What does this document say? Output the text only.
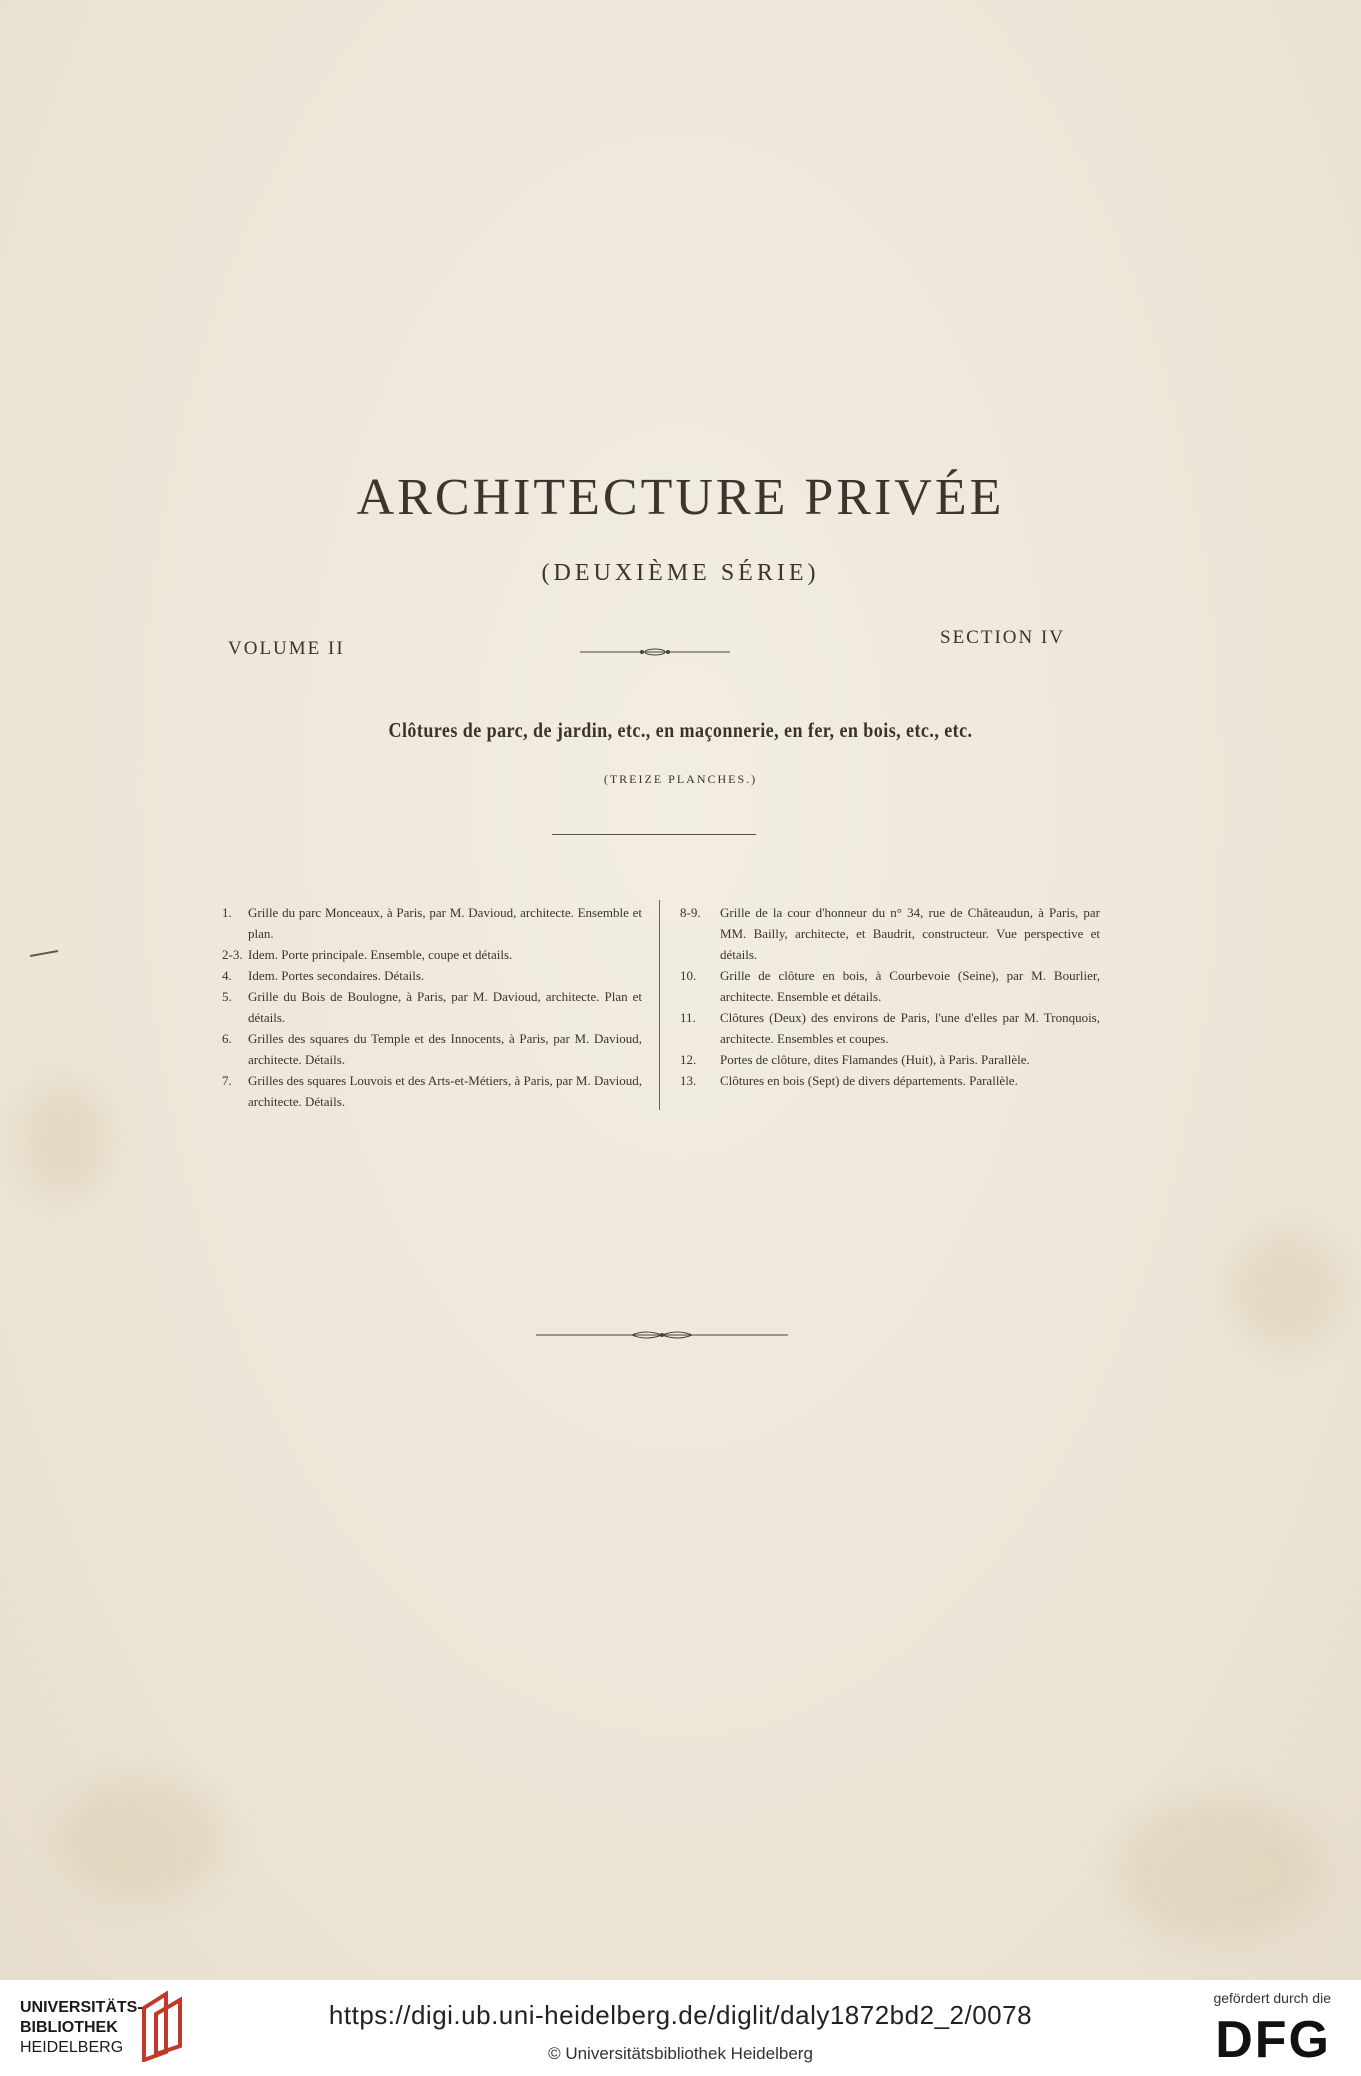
ARCHITECTURE PRIVÉE
(DEUXIÈME SÉRIE)
VOLUME II
SECTION IV
Clôtures de parc, de jardin, etc., en maçonnerie, en fer, en bois, etc., etc.
(TREIZE PLANCHES.)
1. Grille du parc Monceaux, à Paris, par M. Davioud, architecte. Ensemble et plan.
2-3. Idem. Porte principale. Ensemble, coupe et détails.
4. Idem. Portes secondaires. Détails.
5. Grille du Bois de Boulogne, à Paris, par M. Davioud, architecte. Plan et détails.
6. Grilles des squares du Temple et des Innocents, à Paris, par M. Davioud, architecte. Détails.
7. Grilles des squares Louvois et des Arts-et-Métiers, à Paris, par M. Davioud, architecte. Détails.
8-9. Grille de la cour d'honneur du n° 34, rue de Châteaudun, à Paris, par MM. Bailly, architecte, et Baudrit, constructeur. Vue perspective et détails.
10. Grille de clôture en bois, à Courbevoie (Seine), par M. Bourlier, architecte. Ensemble et détails.
11. Clôtures (Deux) des environs de Paris, l'une d'elles par M. Tronquois, architecte. Ensembles et coupes.
12. Portes de clôture, dites Flamandes (Huit), à Paris. Parallèle.
13. Clôtures en bois (Sept) de divers départements. Parallèle.
UNIVERSITÄTS-
BIBLIOTHEK
HEIDELBERG
https://digi.ub.uni-heidelberg.de/diglit/daly1872bd2_2/0078
© Universitätsbibliothek Heidelberg
gefördert durch die
DFG
